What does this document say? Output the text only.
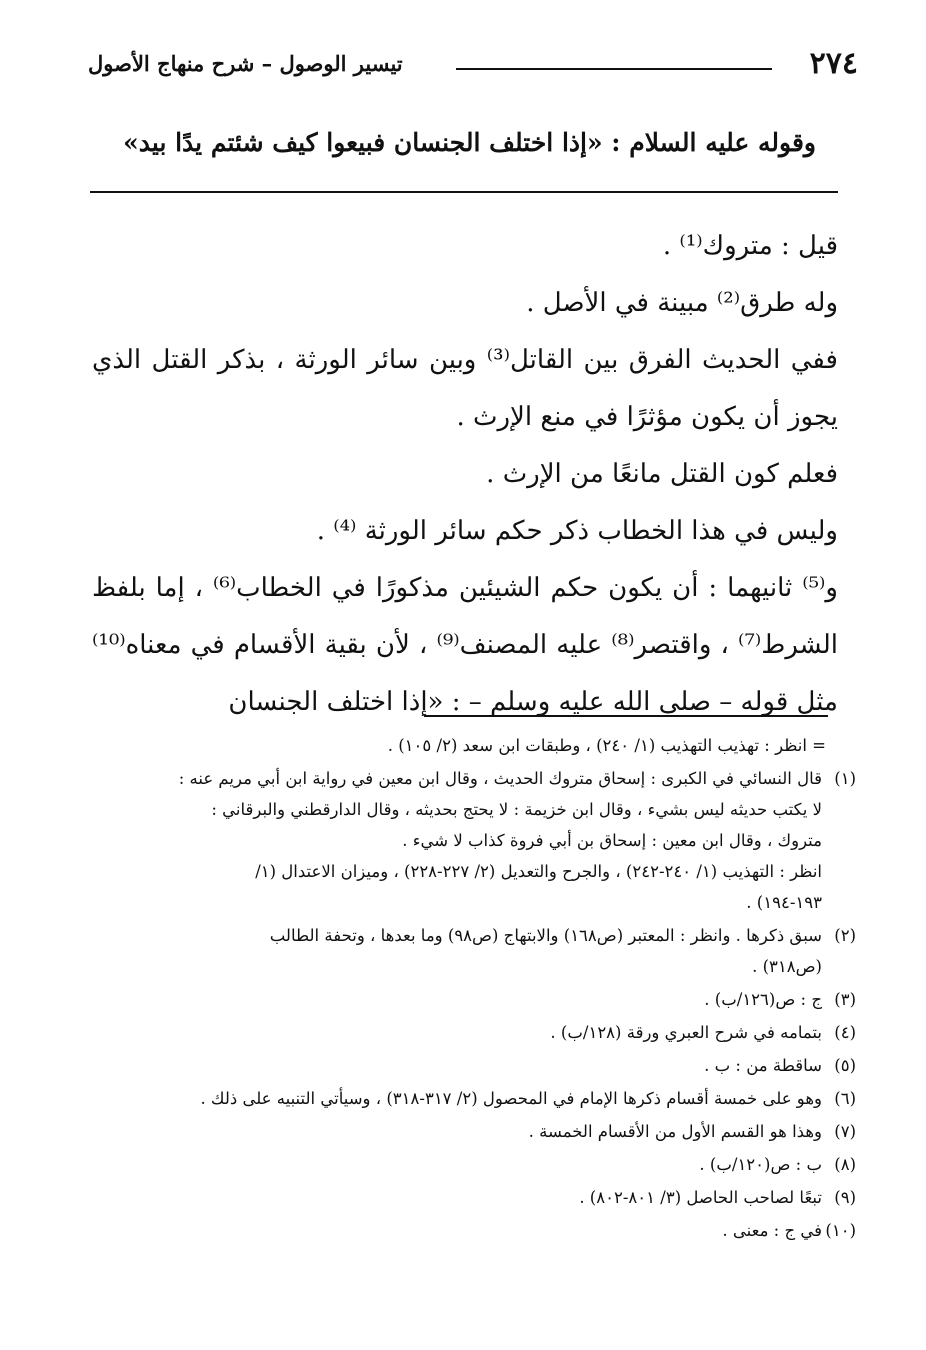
٢٧٤
تيسير الوصول – شرح منهاج الأصول
وقوله عليه السلام : «إذا اختلف الجنسان فبيعوا كيف شئتم يدًا بيد»

قيل : متروك⁽¹⁾ .

وله طرق⁽²⁾ مبينة في الأصل .

ففي الحديث الفرق بين القاتل⁽³⁾ وبين سائر الورثة ، بذكر القتل الذي يجوز أن يكون مؤثرًا في منع الإرث .

فعلم كون القتل مانعًا من الإرث .

وليس في هذا الخطاب ذكر حكم سائر الورثة ⁽⁴⁾ .

و⁽⁵⁾ ثانيهما : أن يكون حكم الشيئين مذكورًا في الخطاب⁽⁶⁾ ، إما بلفظ الشرط⁽⁷⁾ ، واقتصر⁽⁸⁾ عليه المصنف⁽⁹⁾ ، لأن بقية الأقسام في معناه⁽¹⁰⁾ مثل قوله – صلى الله عليه وسلم – : «إذا اختلف الجنسان

= انظر : تهذيب التهذيب (١/ ٢٤٠) ، وطبقات ابن سعد (٢/ ١٠٥) .
(١)
قال النسائي في الكبرى : إسحاق متروك الحديث ، وقال ابن معين في رواية ابن أبي مريم عنه :
لا يكتب حديثه ليس بشيء ، وقال ابن خزيمة : لا يحتج بحديثه ، وقال الدارقطني والبرقاني :
متروك ، وقال ابن معين : إسحاق بن أبي فروة كذاب لا شيء .
انظر : التهذيب (١/ ٢٤٠-٢٤٢) ، والجرح والتعديل (٢/ ٢٢٧-٢٢٨) ، وميزان الاعتدال (١/
١٩٣-١٩٤) .
(٢)
سبق ذكرها . وانظر : المعتبر (ص١٦٨) والابتهاج (ص٩٨) وما بعدها ، وتحفة الطالب
(ص٣١٨) .
(٣)
ج : ص(١٢٦/ب) .
(٤)
بتمامه في شرح العبري ورقة (١٢٨/ب) .
(٥)
ساقطة من : ب .
(٦)
وهو على خمسة أقسام ذكرها الإمام في المحصول (٢/ ٣١٧-٣١٨) ، وسيأتي التنبيه على ذلك .
(٧)
وهذا هو القسم الأول من الأقسام الخمسة .
(٨)
ب : ص(١٢٠/ب) .
(٩)
تبعًا لصاحب الحاصل (٣/ ٨٠١-٨٠٢) .
(١٠)
في ج : معنى .
